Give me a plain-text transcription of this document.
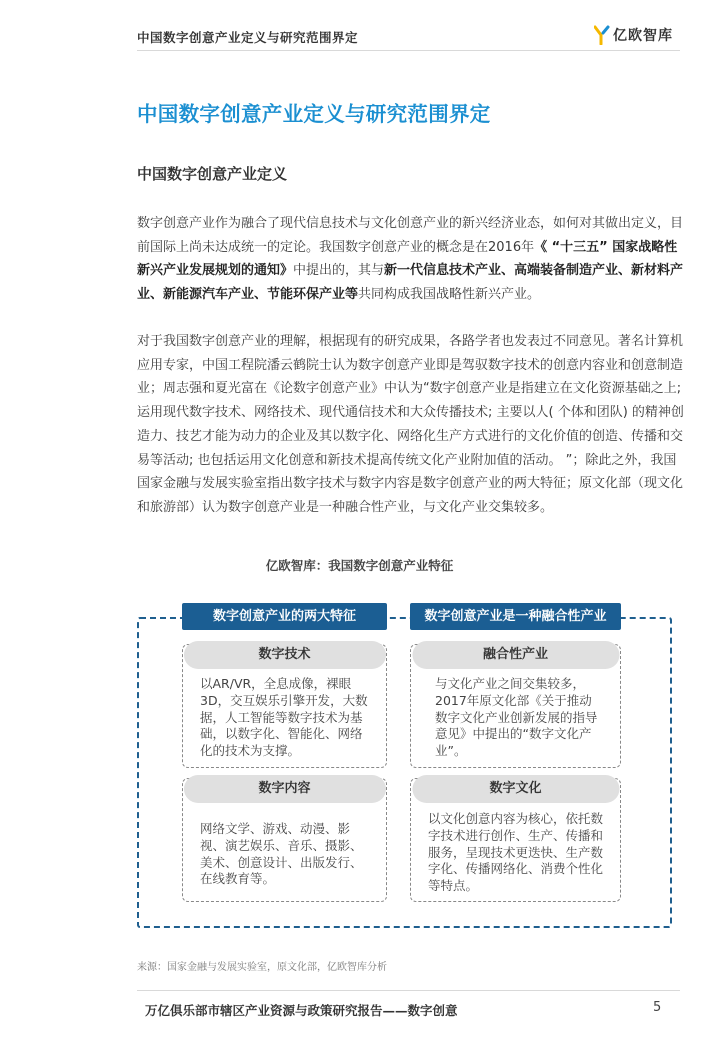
中国数字创意产业定义与研究范围界定	亿欧智库
中国数字创意产业定义与研究范围界定
中国数字创意产业定义

数字创意产业作为融合了现代信息技术与文化创意产业的新兴经济业态，如何对其做出定义，目前国际上尚未达成统一的定论。我国数字创意产业的概念是在2016年《 “十三五” 国家战略性新兴产业发展规划的通知》中提出的，其与新一代信息技术产业、高端装备制造产业、新材料产业、新能源汽车产业、节能环保产业等共同构成我国战略性新兴产业。

对于我国数字创意产业的理解，根据现有的研究成果，各路学者也发表过不同意见。著名计算机应用专家，中国工程院潘云鹤院士认为数字创意产业即是驾驭数字技术的创意内容业和创意制造业；周志强和夏光富在《论数字创意产业》中认为“数字创意产业是指建立在文化资源基础之上; 运用现代数字技术、网络技术、现代通信技术和大众传播技术; 主要以人( 个体和团队) 的精神创造力、技艺才能为动力的企业及其以数字化、网络化生产方式进行的文化价值的创造、传播和交易等活动; 也包括运用文化创意和新技术提高传统文化产业附加值的活动。 ”；除此之外，我国国家金融与发展实验室指出数字技术与数字内容是数字创意产业的两大特征；原文化部（现文化和旅游部）认为数字创意产业是一种融合性产业，与文化产业交集较多。

亿欧智库：我国数字创意产业特征
数字创意产业的两大特征	数字创意产业是一种融合性产业
数字技术
以AR/VR，全息成像，裸眼3D，交互娱乐引擎开发，大数据，人工智能等数字技术为基础，以数字化、智能化、网络化的技术为支撑。
融合性产业
与文化产业之间交集较多，2017年原文化部《关于推动数字文化产业创新发展的指导意见》中提出的“数字文化产业”。
数字内容
网络文学、游戏、动漫、影视、演艺娱乐、音乐、摄影、美术、创意设计、出版发行、在线教育等。
数字文化
以文化创意内容为核心，依托数字技术进行创作、生产、传播和服务，呈现技术更迭快、生产数字化、传播网络化、消费个性化等特点。
来源：国家金融与发展实验室，原文化部，亿欧智库分析
万亿俱乐部市辖区产业资源与政策研究报告——数字创意	5
